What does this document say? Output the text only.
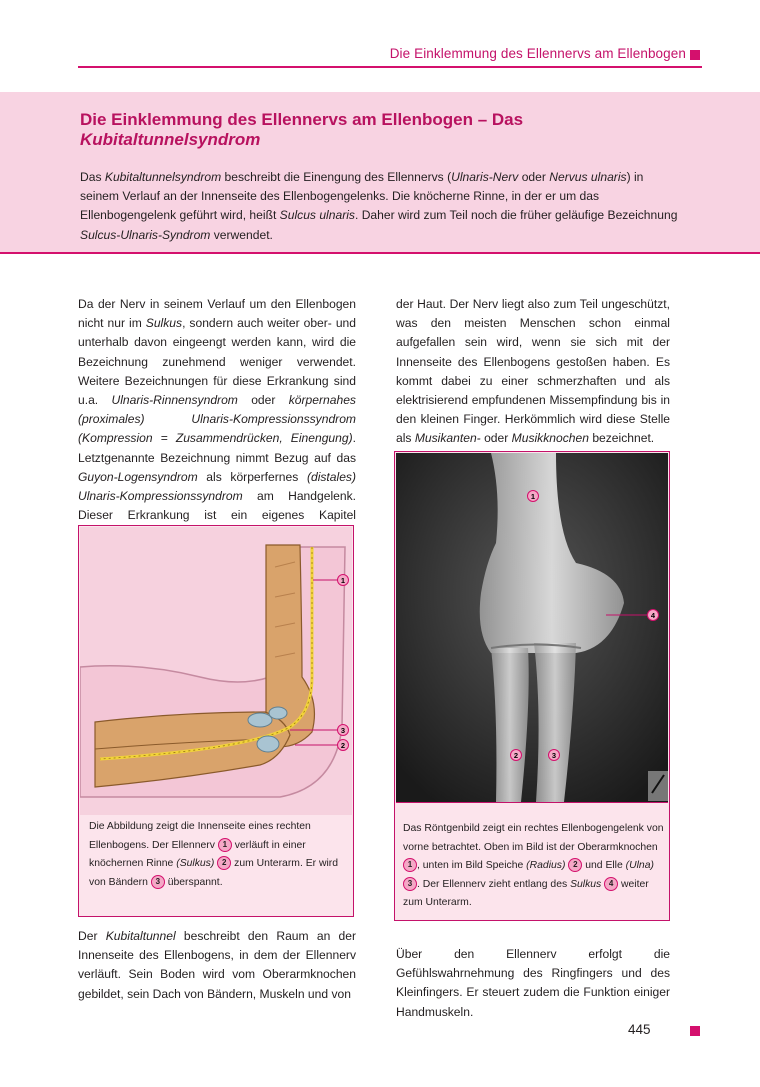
Die Einklemmung des Ellennervs am Ellenbogen
Die Einklemmung des Ellennervs am Ellenbogen – Das
Kubitaltunnelsyndrom
Das Kubitaltunnelsyndrom beschreibt die Einengung des Ellennervs (Ulnaris-Nerv oder Nervus ulnaris) in seinem Verlauf an der Innenseite des Ellenbogengelenks. Die knöcherne Rinne, in der er um das Ellenbogengelenk geführt wird, heißt Sulcus ulnaris. Daher wird zum Teil noch die früher geläufige Bezeichnung Sulcus-Ulnaris-Syndrom verwendet.
Da der Nerv in seinem Verlauf um den Ellenbogen nicht nur im Sulkus, sondern auch weiter ober- und unterhalb davon eingeengt werden kann, wird die Bezeichnung zunehmend weniger verwendet. Weitere Bezeichnungen für diese Erkrankung sind u.a. Ulnaris-Rinnensyndrom oder körpernahes (proximales) Ulnaris-Kompressionssyndrom (Kompression = Zusammendrücken, Einengung). Letztgenannte Bezeichnung nimmt Bezug auf das Guyon-Logensyndrom als körperfernes (distales) Ulnaris-Kompressionssyndrom am Handgelenk. Dieser Erkrankung ist ein eigenes Kapitel
der Haut. Der Nerv liegt also zum Teil ungeschützt, was den meisten Menschen schon einmal aufgefallen sein wird, wenn sie sich mit der Innenseite des Ellenbogens gestoßen haben. Es kommt dabei zu einer schmerzhaften und als elektrisierend empfundenen Missempfindung bis in den kleinen Finger. Herkömmlich wird diese Stelle als Musikanten- oder Musikknochen bezeichnet.
1
3
2
Die Abbildung zeigt die Innenseite eines rechten Ellenbogens. Der Ellennerv 1 verläuft in einer knöchernen Rinne (Sulkus) 2 zum Unterarm. Er wird von Bändern 3 überspannt.
1
4
2	3
Das Röntgenbild zeigt ein rechtes Ellenbogengelenk von vorne betrachtet. Oben im Bild ist der Oberarmknochen 1 , unten im Bild Speiche (Radius) 2 und Elle (Ulna) 3 . Der Ellennerv zieht entlang des Sulkus 4 weiter zum Unterarm.
Der Kubitaltunnel beschreibt den Raum an der Innenseite des Ellenbogens, in dem der Ellennerv verläuft. Sein Boden wird vom Oberarmknochen gebildet, sein Dach von Bändern, Muskeln und von
Über den Ellennerv erfolgt die Gefühlswahrnehmung des Ringfingers und des Kleinfingers. Er steuert zudem die Funktion einiger Handmuskeln.
445
